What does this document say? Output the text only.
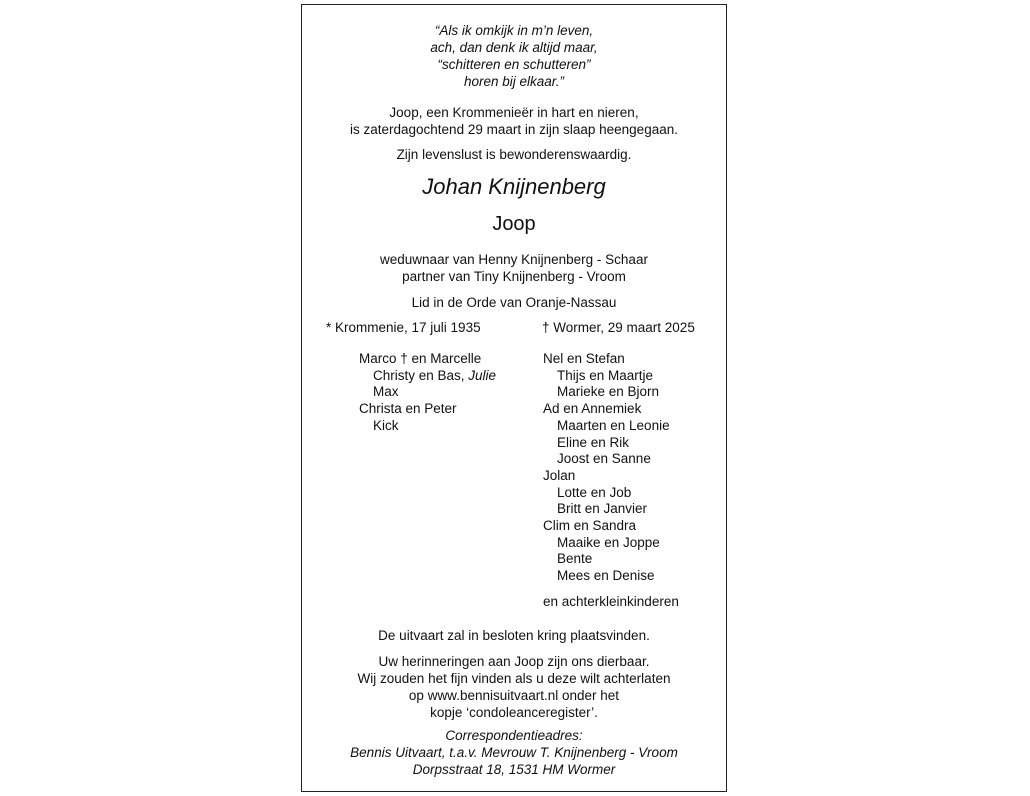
“Als ik omkijk in m’n leven,
ach, dan denk ik altijd maar,
“schitteren en schutteren”
horen bij elkaar.”
Joop, een Krommenieër in hart en nieren,
is zaterdagochtend 29 maart in zijn slaap heengegaan.
Zijn levenslust is bewonderenswaardig.
Johan Knijnenberg
Joop
weduwnaar van Henny Knijnenberg - Schaar
partner van Tiny Knijnenberg - Vroom
Lid in de Orde van Oranje-Nassau
* Krommenie, 17 juli 1935	† Wormer, 29 maart 2025
Marco † en Marcelle
Christy en Bas, Julie
Max
Christa en Peter
Kick
Nel en Stefan
Thijs en Maartje
Marieke en Bjorn
Ad en Annemiek
Maarten en Leonie
Eline en Rik
Joost en Sanne
Jolan
Lotte en Job
Britt en Janvier
Clim en Sandra
Maaike en Joppe
Bente
Mees en Denise
en achterkleinkinderen
De uitvaart zal in besloten kring plaatsvinden.
Uw herinneringen aan Joop zijn ons dierbaar.
Wij zouden het fijn vinden als u deze wilt achterlaten
op www.bennisuitvaart.nl onder het
kopje ‘condoleanceregister’.
Correspondentieadres:
Bennis Uitvaart, t.a.v. Mevrouw T. Knijnenberg - Vroom
Dorpsstraat 18, 1531 HM Wormer
